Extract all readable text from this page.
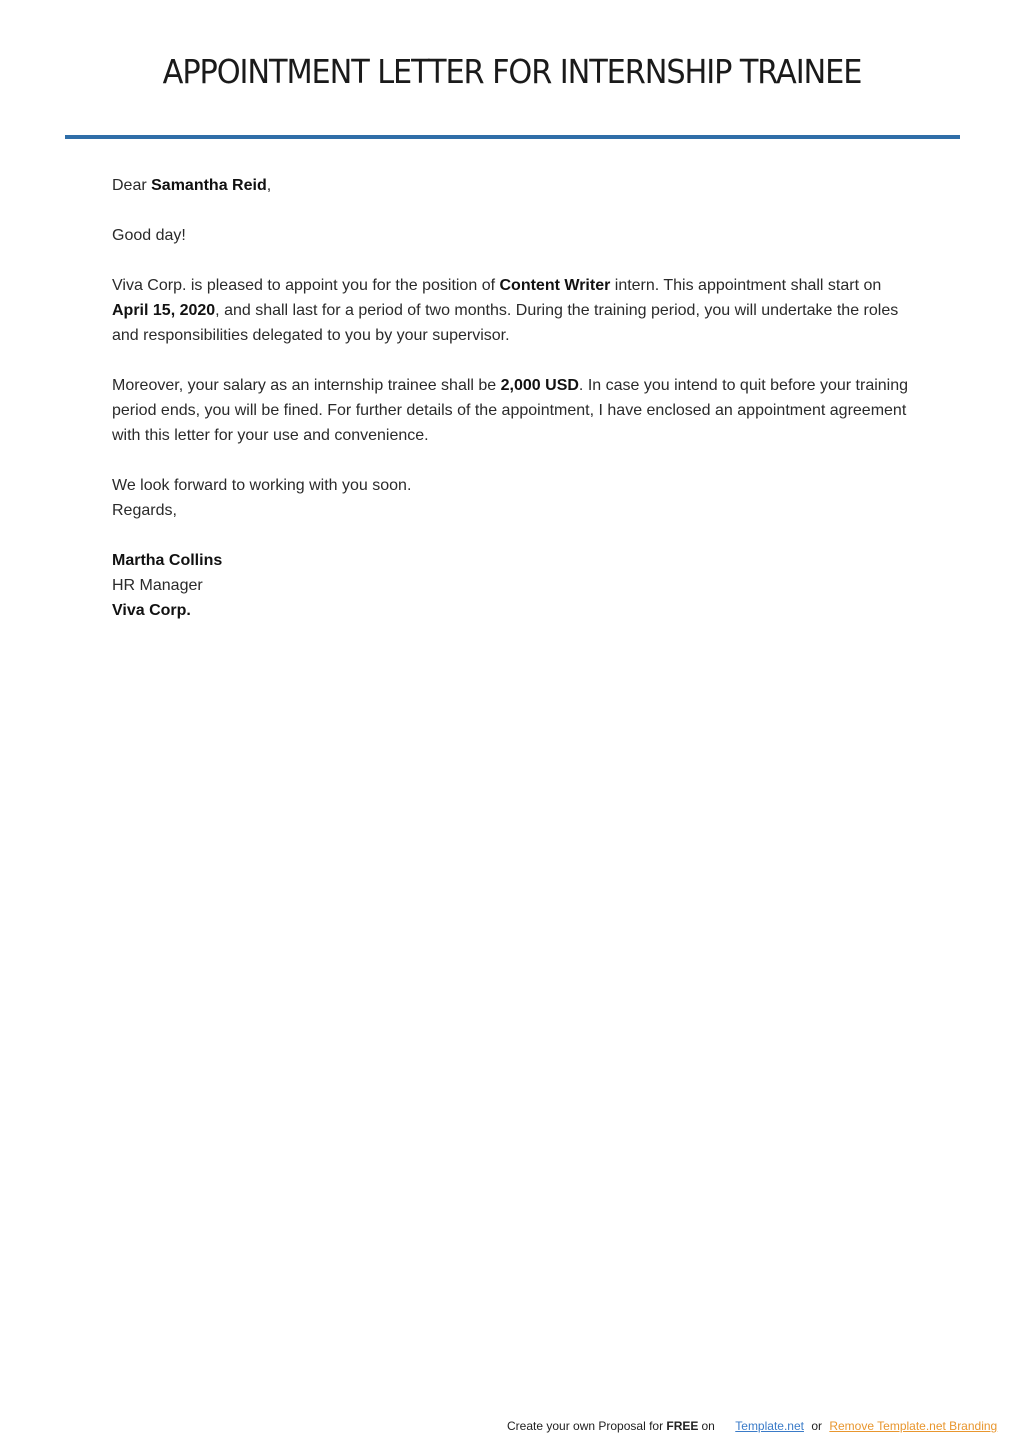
APPOINTMENT LETTER FOR INTERNSHIP TRAINEE

Dear Samantha Reid,

Good day!

Viva Corp. is pleased to appoint you for the position of Content Writer intern. This appointment shall start on April 15, 2020, and shall last for a period of two months. During the training period, you will undertake the roles and responsibilities delegated to you by your supervisor.

Moreover, your salary as an internship trainee shall be 2,000 USD. In case you intend to quit before your training period ends, you will be fined. For further details of the appointment, I have enclosed an appointment agreement with this letter for your use and convenience.

We look forward to working with you soon.

Regards,

Martha Collins

HR Manager

Viva Corp.

Create your own Proposal for FREE on Template.net or Remove Template.net Branding
